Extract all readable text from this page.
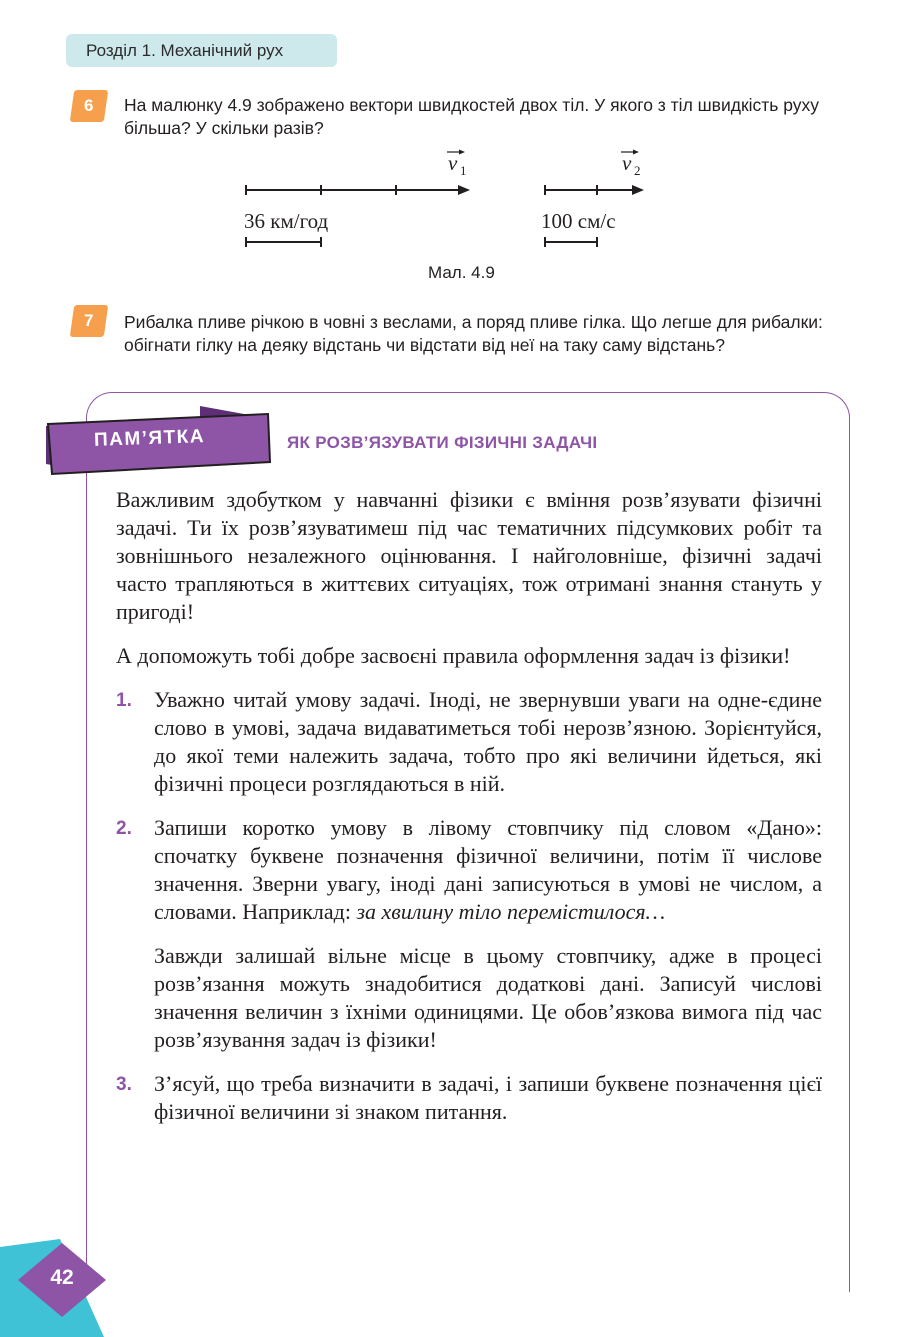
Розділ 1. Механічний рух
6	На малюнку 4.9 зображено вектори швидкостей двох тіл. У якого з тіл швидкість руху більша? У скільки разів?
v 1	v 2
36 км/год	100 см/с
Мал. 4.9
7	Рибалка пливе річкою в човні з веслами, а поряд пливе гілка. Що легше для рибалки: обігнати гілку на деяку відстань чи відстати від неї на таку саму відстань?
ПАМ’ЯТКА	ЯК РОЗВ’ЯЗУВАТИ ФІЗИЧНІ ЗАДАЧІ

Важливим здобутком у навчанні фізики є вміння розв’язувати фізичні задачі. Ти їх розв’язуватимеш під час тематичних підсумкових робіт та зовнішнього незалежного оцінювання. І найголовніше, фізичні задачі часто трапляються в життєвих ситуаціях, тож отримані знання стануть у пригоді!

А допоможуть тобі добре засвоєні правила оформлення задач із фізики!

1. Уважно читай умову задачі. Іноді, не звернувши уваги на одне-єдине слово в умові, задача видаватиметься тобі нерозв’язною. Зорієнтуйся, до якої теми належить задача, тобто про які величини йдеться, які фізичні процеси розглядаються в ній.

2. Запиши коротко умову в лівому стовпчику під словом «Дано»: спочатку буквене позначення фізичної величини, потім її числове значення. Зверни увагу, іноді дані записуються в умові не числом, а словами. Наприклад: за хвилину тіло перемістилося…

Завжди залишай вільне місце в цьому стовпчику, адже в процесі розв’язання можуть знадобитися додаткові дані. Записуй числові значення величин з їхніми одиницями. Це обов’язкова вимога під час розв’язування задач із фізики!

3. З’ясуй, що треба визначити в задачі, і запиши буквене позначення цієї фізичної величини зі знаком питання.

42
